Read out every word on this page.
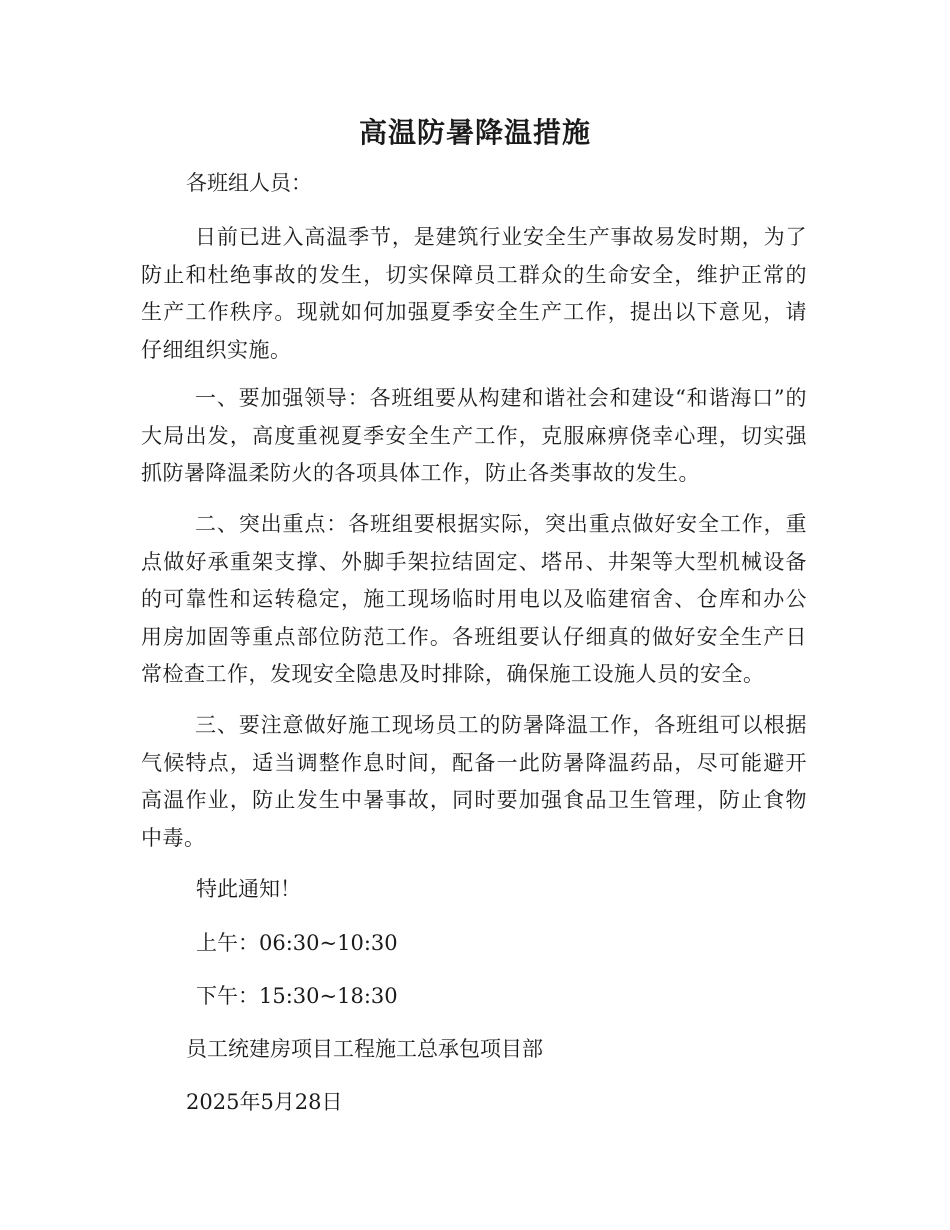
高温防暑降温措施

各班组人员：

日前已进入高温季节，是建筑行业安全生产事故易发时期，为了防止和杜绝事故的发生，切实保障员工群众的生命安全，维护正常的生产工作秩序。现就如何加强夏季安全生产工作，提出以下意见，请仔细组织实施。

一、要加强领导：各班组要从构建和谐社会和建设“和谐海口”的大局出发，高度重视夏季安全生产工作，克服麻痹侥幸心理，切实强抓防暑降温柔防火的各项具体工作，防止各类事故的发生。

二、突出重点：各班组要根据实际，突出重点做好安全工作，重点做好承重架支撑、外脚手架拉结固定、塔吊、井架等大型机械设备的可靠性和运转稳定，施工现场临时用电以及临建宿舍、仓库和办公用房加固等重点部位防范工作。各班组要认仔细真的做好安全生产日常检查工作，发现安全隐患及时排除，确保施工设施人员的安全。

三、要注意做好施工现场员工的防暑降温工作，各班组可以根据气候特点，适当调整作息时间，配备一此防暑降温药品，尽可能避开高温作业，防止发生中暑事故，同时要加强食品卫生管理，防止食物中毒。

特此通知！

上午：06:30~10:30

下午：15:30~18:30

员工统建房项目工程施工总承包项目部

2025年5月28日
